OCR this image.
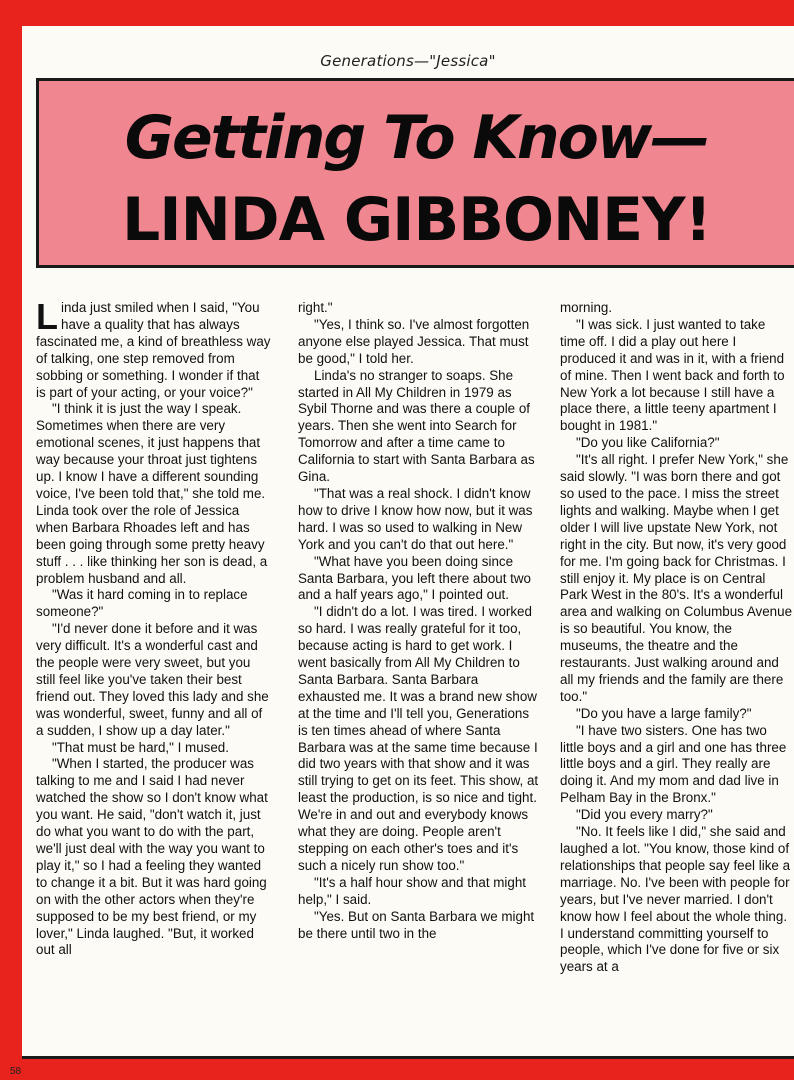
Generations—"Jessica"
Getting To Know—
LINDA GIBBONEY!

Linda just smiled when I said, "You have a quality that has always fascinated me, a kind of breathless way of talking, one step removed from sobbing or something. I wonder if that is part of your acting, or your voice?"

"I think it is just the way I speak. Sometimes when there are very emotional scenes, it just happens that way because your throat just tightens up. I know I have a different sounding voice, I've been told that," she told me. Linda took over the role of Jessica when Barbara Rhoades left and has been going through some pretty heavy stuff . . . like thinking her son is dead, a problem husband and all.

"Was it hard coming in to replace someone?"

"I'd never done it before and it was very difficult. It's a wonderful cast and the people were very sweet, but you still feel like you've taken their best friend out. They loved this lady and she was wonderful, sweet, funny and all of a sudden, I show up a day later."

"That must be hard," I mused.

"When I started, the producer was talking to me and I said I had never watched the show so I don't know what you want. He said, "don't watch it, just do what you want to do with the part, we'll just deal with the way you want to play it," so I had a feeling they wanted to change it a bit. But it was hard going on with the other actors when they're supposed to be my best friend, or my lover," Linda laughed. "But, it worked out all

right."

"Yes, I think so. I've almost forgotten anyone else played Jessica. That must be good," I told her.

Linda's no stranger to soaps. She started in All My Children in 1979 as Sybil Thorne and was there a couple of years. Then she went into Search for Tomorrow and after a time came to California to start with Santa Barbara as Gina.

"That was a real shock. I didn't know how to drive I know how now, but it was hard. I was so used to walking in New York and you can't do that out here."

"What have you been doing since Santa Barbara, you left there about two and a half years ago," I pointed out.

"I didn't do a lot. I was tired. I worked so hard. I was really grateful for it too, because acting is hard to get work. I went basically from All My Children to Santa Barbara. Santa Barbara exhausted me. It was a brand new show at the time and I'll tell you, Generations is ten times ahead of where Santa Barbara was at the same time because I did two years with that show and it was still trying to get on its feet. This show, at least the production, is so nice and tight. We're in and out and everybody knows what they are doing. People aren't stepping on each other's toes and it's such a nicely run show too."

"It's a half hour show and that might help," I said.

"Yes. But on Santa Barbara we might be there until two in the

morning.

"I was sick. I just wanted to take time off. I did a play out here I produced it and was in it, with a friend of mine. Then I went back and forth to New York a lot because I still have a place there, a little teeny apartment I bought in 1981."

"Do you like California?"

"It's all right. I prefer New York," she said slowly. "I was born there and got so used to the pace. I miss the street lights and walking. Maybe when I get older I will live upstate New York, not right in the city. But now, it's very good for me. I'm going back for Christmas. I still enjoy it. My place is on Central Park West in the 80's. It's a wonderful area and walking on Columbus Avenue is so beautiful. You know, the museums, the theatre and the restaurants. Just walking around and all my friends and the family are there too."

"Do you have a large family?"

"I have two sisters. One has two little boys and a girl and one has three little boys and a girl. They really are doing it. And my mom and dad live in Pelham Bay in the Bronx."

"Did you every marry?"

"No. It feels like I did," she said and laughed a lot. "You know, those kind of relationships that people say feel like a marriage. No. I've been with people for years, but I've never married. I don't know how I feel about the whole thing. I understand committing yourself to people, which I've done for five or six years at a

58
